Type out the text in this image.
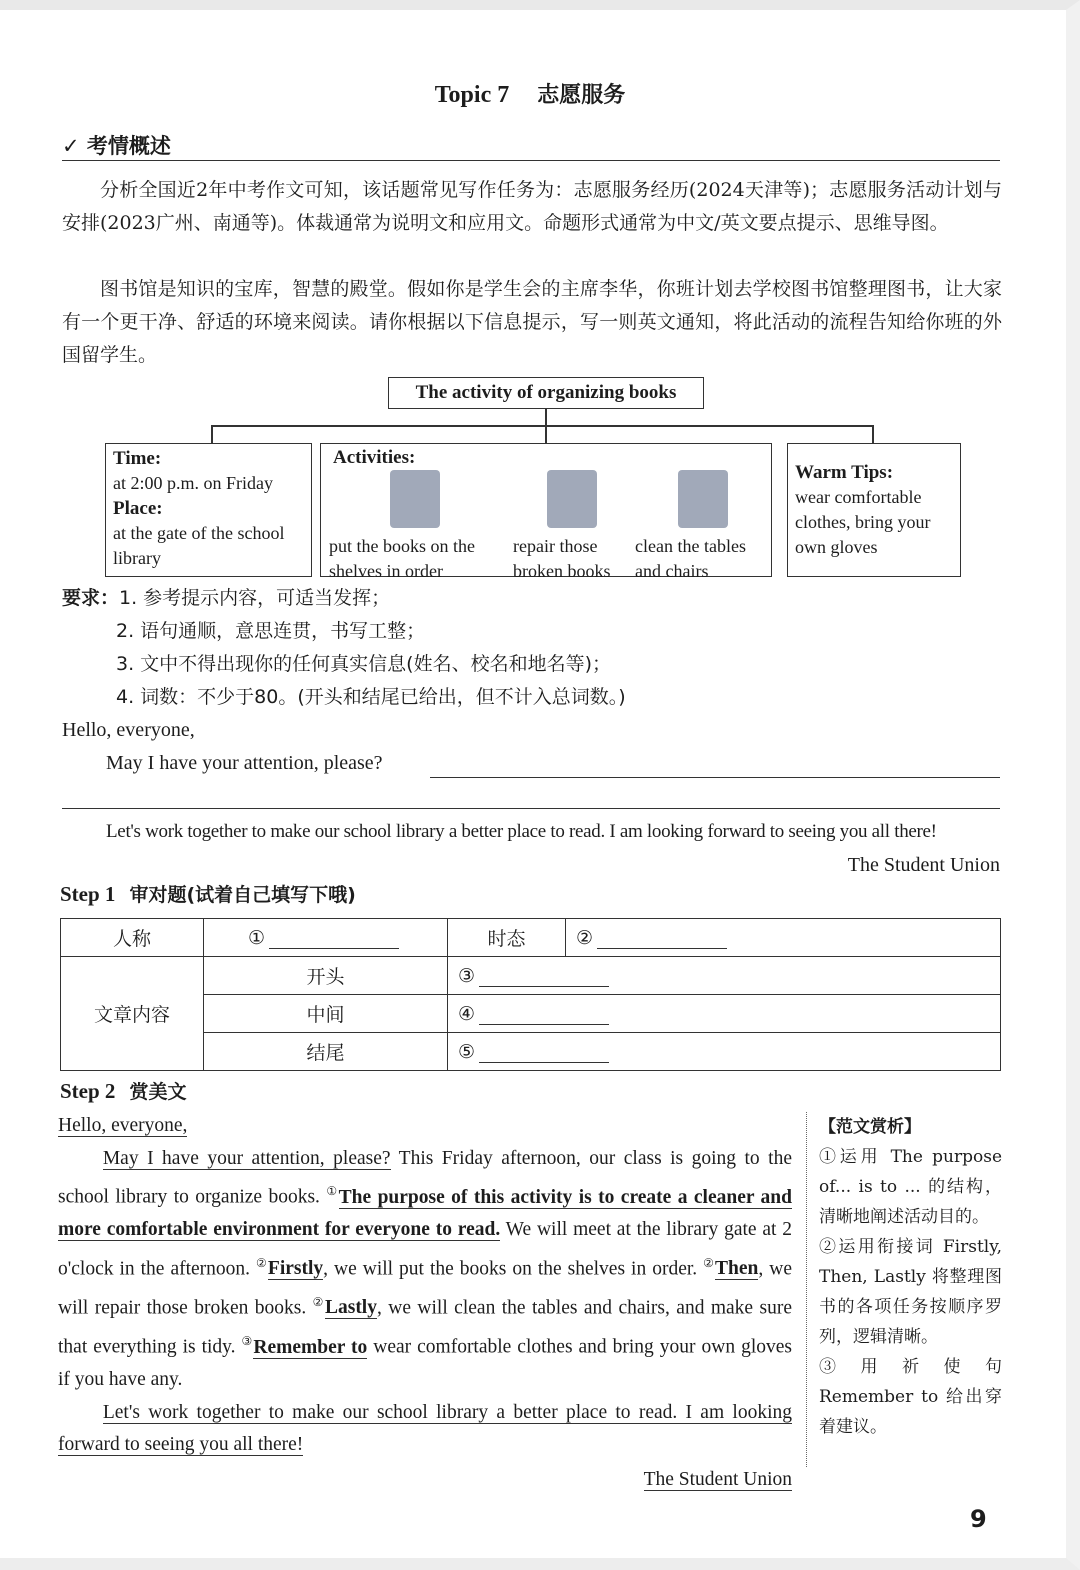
Topic 7 志愿服务
✓ 考情概述
分析全国近2年中考作文可知，该话题常见写作任务为：志愿服务经历(2024天津等)；志愿服务活动计划与安排(2023广州、南通等)。体裁通常为说明文和应用文。命题形式通常为中文/英文要点提示、思维导图。
图书馆是知识的宝库，智慧的殿堂。假如你是学生会的主席李华，你班计划去学校图书馆整理图书，让大家有一个更干净、舒适的环境来阅读。请你根据以下信息提示，写一则英文通知，将此活动的流程告知给你班的外国留学生。
The activity of organizing books
Time:
at 2:00 p.m. on Friday
Place:
at the gate of the school library
Activities:
put the books on the shelves in order
repair those broken books
clean the tables and chairs
Warm Tips:
wear comfortable clothes, bring your own gloves
要求：1. 参考提示内容，可适当发挥；
2. 语句通顺，意思连贯，书写工整；
3. 文中不得出现你的任何真实信息(姓名、校名和地名等)；
4. 词数：不少于80。(开头和结尾已给出，但不计入总词数。)
Hello, everyone,
May I have your attention, please?
Let's work together to make our school library a better place to read. I am looking forward to seeing you all there!
The Student Union
Step 1 审对题(试着自己填写下哦)
人称	①	时态	②
文章内容	开头	③	
	中间	④	
	结尾	⑤	
Step 2 赏美文
Hello, everyone,
May I have your attention, please? This Friday afternoon, our class is going to the school library to organize books. ①The purpose of this activity is to create a cleaner and more comfortable environment for everyone to read. We will meet at the library gate at 2 o'clock in the afternoon. ②Firstly, we will put the books on the shelves in order. ②Then, we will repair those broken books. ②Lastly, we will clean the tables and chairs, and make sure that everything is tidy. ③Remember to wear comfortable clothes and bring your own gloves if you have any.
Let's work together to make our school library a better place to read. I am looking forward to seeing you all there!
The Student Union
【范文赏析】
①运用 The purpose of... is to ... 的结构，清晰地阐述活动目的。
②运用衔接词 Firstly, Then, Lastly 将整理图书的各项任务按顺序罗列，逻辑清晰。
③用祈使句 Remember to 给出穿着建议。
9
